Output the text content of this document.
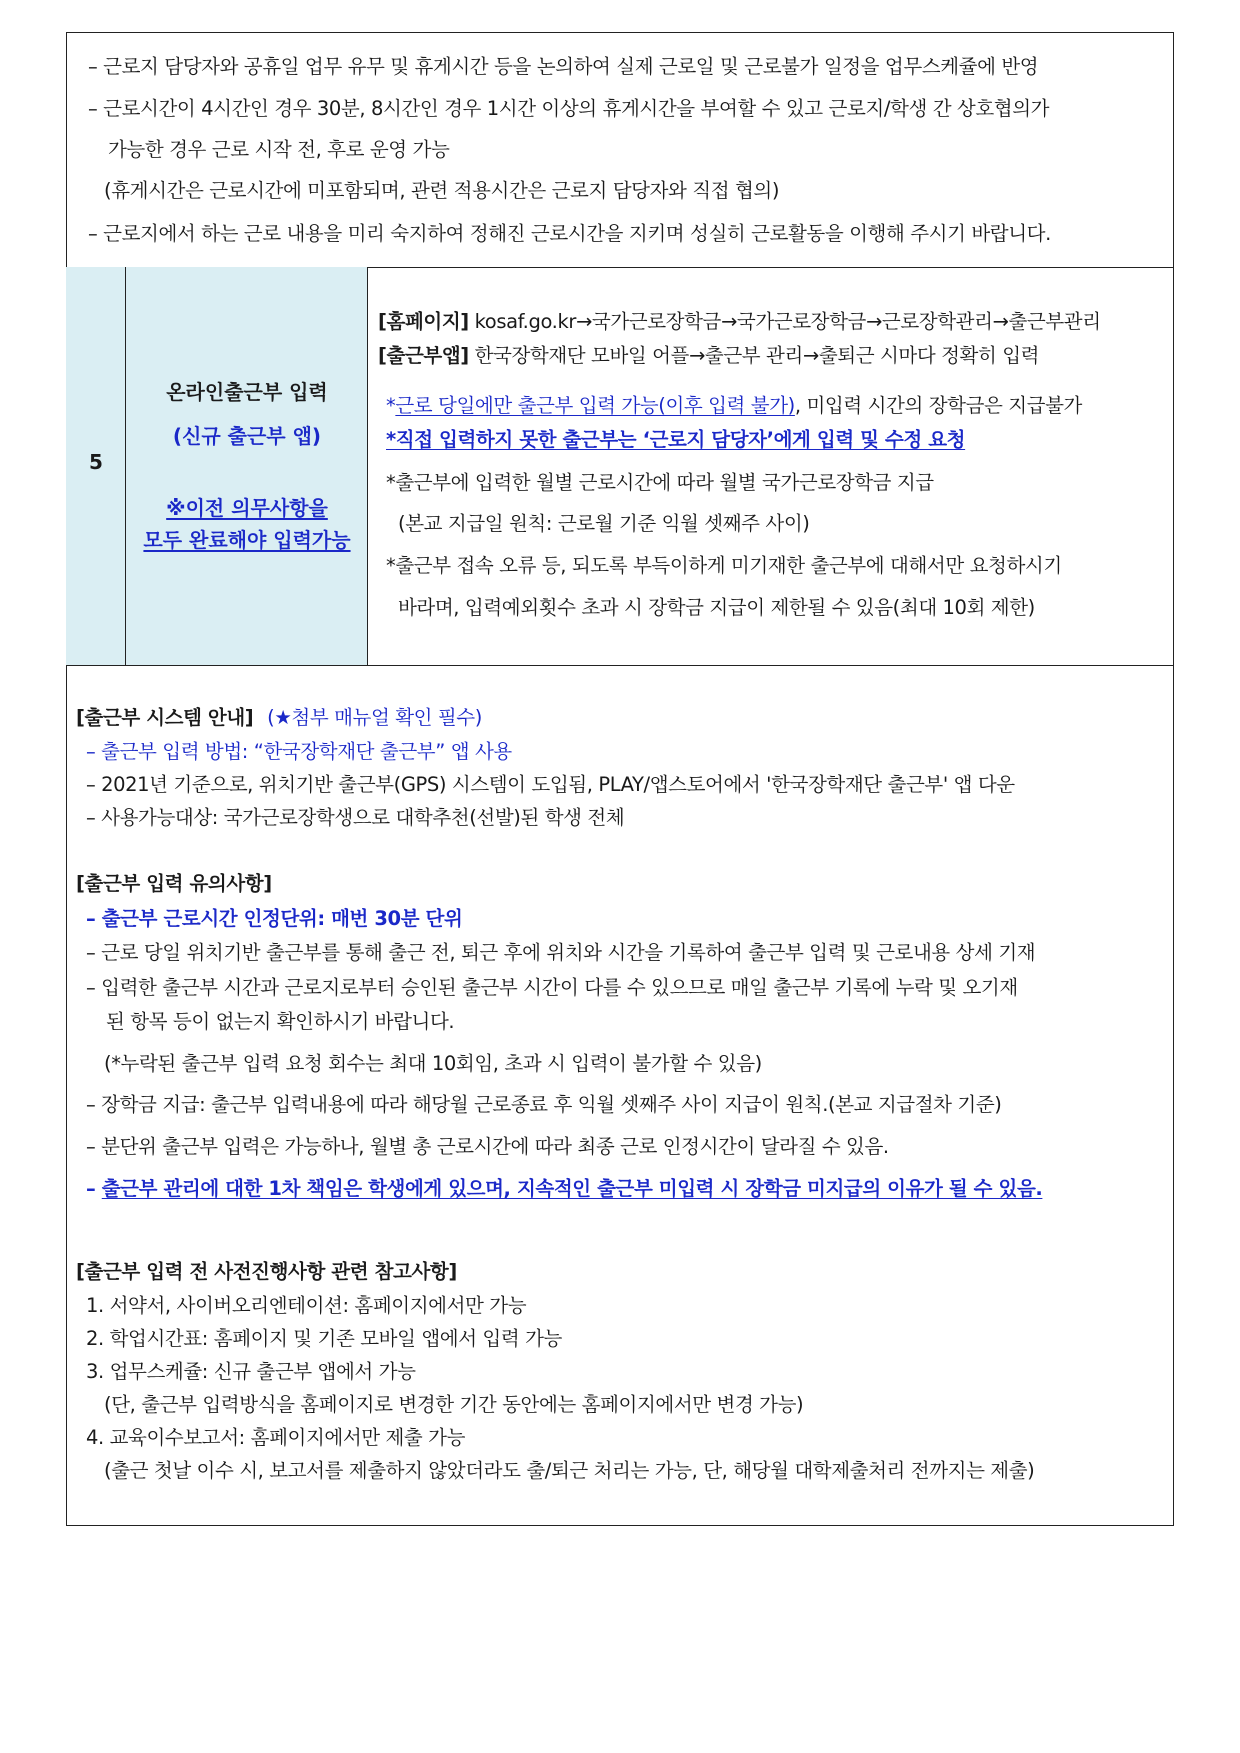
– 근로지 담당자와 공휴일 업무 유무 및 휴게시간 등을 논의하여 실제 근로일 및 근로불가 일정을 업무스케쥴에 반영
– 근로시간이 4시간인 경우 30분, 8시간인 경우 1시간 이상의 휴게시간을 부여할 수 있고 근로지/학생 간 상호협의가
가능한 경우 근로 시작 전, 후로 운영 가능
(휴게시간은 근로시간에 미포함되며, 관련 적용시간은 근로지 담당자와 직접 협의)
– 근로지에서 하는 근로 내용을 미리 숙지하여 정해진 근로시간을 지키며 성실히 근로활동을 이행해 주시기 바랍니다.
5
온라인출근부 입력
(신규 출근부 앱)
※이전 의무사항을
모두 완료해야 입력가능
[홈페이지] kosaf.go.kr→국가근로장학금→국가근로장학금→근로장학관리→출근부관리
[출근부앱] 한국장학재단 모바일 어플→출근부 관리→출퇴근 시마다 정확히 입력
*근로 당일에만 출근부 입력 가능(이후 입력 불가), 미입력 시간의 장학금은 지급불가
*직접 입력하지 못한 출근부는 ‘근로지 담당자’에게 입력 및 수정 요청
*출근부에 입력한 월별 근로시간에 따라 월별 국가근로장학금 지급
(본교 지급일 원칙: 근로월 기준 익월 셋째주 사이)
*출근부 접속 오류 등, 되도록 부득이하게 미기재한 출근부에 대해서만 요청하시기
바라며, 입력예외횟수 초과 시 장학금 지급이 제한될 수 있음(최대 10회 제한)
[출근부 시스템 안내] (★첨부 매뉴얼 확인 필수)
– 출근부 입력 방법: “한국장학재단 출근부” 앱 사용
– 2021년 기준으로, 위치기반 출근부(GPS) 시스템이 도입됨, PLAY/앱스토어에서 '한국장학재단 출근부' 앱 다운
– 사용가능대상: 국가근로장학생으로 대학추천(선발)된 학생 전체
[출근부 입력 유의사항]
– 출근부 근로시간 인정단위: 매번 30분 단위
– 근로 당일 위치기반 출근부를 통해 출근 전, 퇴근 후에 위치와 시간을 기록하여 출근부 입력 및 근로내용 상세 기재
– 입력한 출근부 시간과 근로지로부터 승인된 출근부 시간이 다를 수 있으므로 매일 출근부 기록에 누락 및 오기재
된 항목 등이 없는지 확인하시기 바랍니다.
(*누락된 출근부 입력 요청 회수는 최대 10회임, 초과 시 입력이 불가할 수 있음)
– 장학금 지급: 출근부 입력내용에 따라 해당월 근로종료 후 익월 셋째주 사이 지급이 원칙.(본교 지급절차 기준)
– 분단위 출근부 입력은 가능하나, 월별 총 근로시간에 따라 최종 근로 인정시간이 달라질 수 있음.
– 출근부 관리에 대한 1차 책임은 학생에게 있으며, 지속적인 출근부 미입력 시 장학금 미지급의 이유가 될 수 있음.
[출근부 입력 전 사전진행사항 관련 참고사항]
1. 서약서, 사이버오리엔테이션: 홈페이지에서만 가능
2. 학업시간표: 홈페이지 및 기존 모바일 앱에서 입력 가능
3. 업무스케쥴: 신규 출근부 앱에서 가능
(단, 출근부 입력방식을 홈페이지로 변경한 기간 동안에는 홈페이지에서만 변경 가능)
4. 교육이수보고서: 홈페이지에서만 제출 가능
(출근 첫날 이수 시, 보고서를 제출하지 않았더라도 출/퇴근 처리는 가능, 단, 해당월 대학제출처리 전까지는 제출)
